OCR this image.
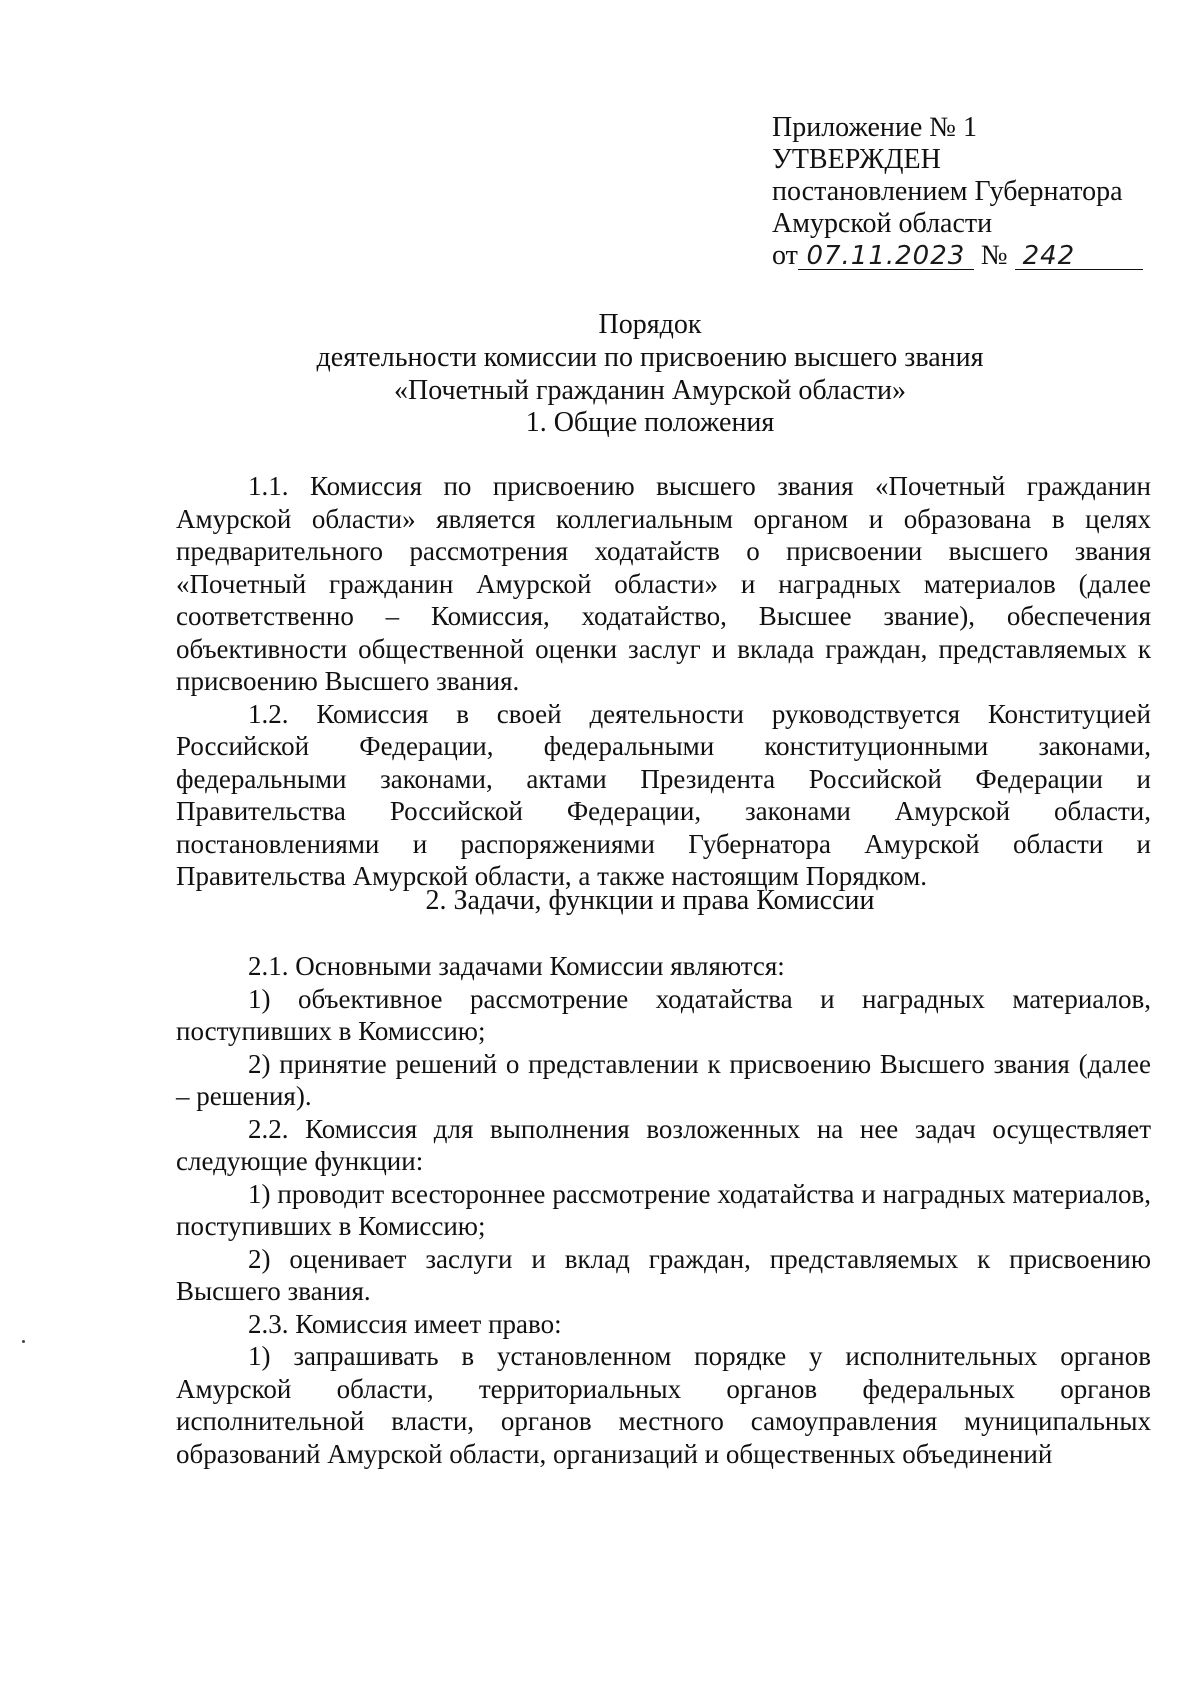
Приложение № 1
УТВЕРЖДЕН
постановлением Губернатора
Амурской области
от 07.11.2023 № 242
Порядок
деятельности комиссии по присвоению высшего звания
«Почетный гражданин Амурской области»
1. Общие положения

1.1. Комиссия по присвоению высшего звания «Почетный гражданин Амурской области» является коллегиальным органом и образована в целях предварительного рассмотрения ходатайств о присвоении высшего звания «Почетный гражданин Амурской области» и наградных материалов (далее соответственно – Комиссия, ходатайство, Высшее звание), обеспечения объективности общественной оценки заслуг и вклада граждан, представляемых к присвоению Высшего звания.

1.2. Комиссия в своей деятельности руководствуется Конституцией Российской Федерации, федеральными конституционными законами, федеральными законами, актами Президента Российской Федерации и Правительства Российской Федерации, законами Амурской области, постановлениями и распоряжениями Губернатора Амурской области и Правительства Амурской области, а также настоящим Порядком.

2. Задачи, функции и права Комиссии

2.1. Основными задачами Комиссии являются:

1) объективное рассмотрение ходатайства и наградных материалов, поступивших в Комиссию;

2) принятие решений о представлении к присвоению Высшего звания (далее – решения).

2.2. Комиссия для выполнения возложенных на нее задач осуществляет следующие функции:

1) проводит всестороннее рассмотрение ходатайства и наградных материалов, поступивших в Комиссию;

2) оценивает заслуги и вклад граждан, представляемых к присвоению Высшего звания.

2.3. Комиссия имеет право:

1) запрашивать в установленном порядке у исполнительных органов Амурской области, территориальных органов федеральных органов исполнительной власти, органов местного самоуправления муниципальных образований Амурской области, организаций и общественных объединений
